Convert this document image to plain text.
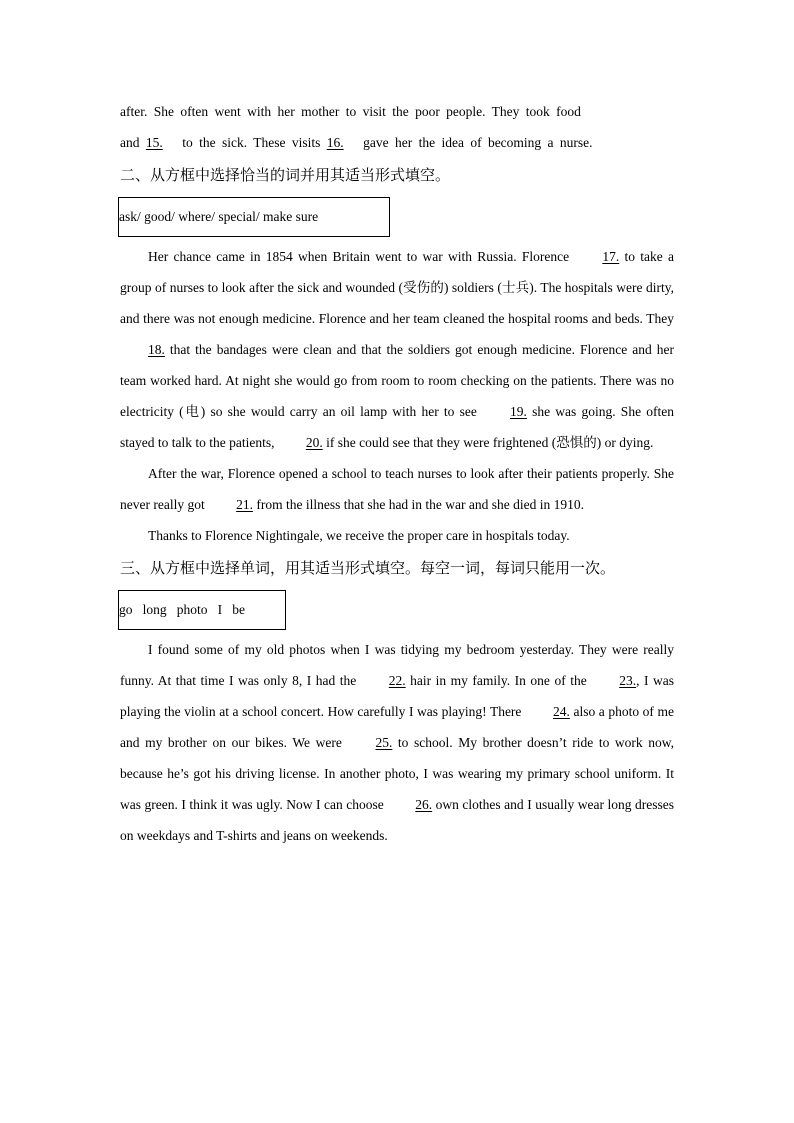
after. She often went with her mother to visit the poor people. They took food
and 15. to the sick. These visits 16. gave her the idea of becoming a nurse.

二、从方框中选择恰当的词并用其适当形式填空。
ask/ good/ where/ special/ make sure

Her chance came in 1854 when Britain went to war with Russia. Florence 17. to take a group of nurses to look after the sick and wounded (受伤的) soldiers (士兵). The hospitals were dirty, and there was not enough medicine. Florence and her team cleaned the hospital rooms and beds. They 18. that the bandages were clean and that the soldiers got enough medicine. Florence and her team worked hard. At night she would go from room to room checking on the patients. There was no electricity (电) so she would carry an oil lamp with her to see 19. she was going. She often stayed to talk to the patients, 20. if she could see that they were frightened (恐惧的) or dying.

After the war, Florence opened a school to teach nurses to look after their patients properly. She never really got 21. from the illness that she had in the war and she died in 1910.

Thanks to Florence Nightingale, we receive the proper care in hospitals today.

三、从方框中选择单词，用其适当形式填空。每空一词，每词只能用一次。
go   long   photo   I   be

I found some of my old photos when I was tidying my bedroom yesterday. They were really funny. At that time I was only 8, I had the 22. hair in my family. In one of the 23., I was playing the violin at a school concert. How carefully I was playing! There 24. also a photo of me and my brother on our bikes. We were 25. to school. My brother doesn’t ride to work now, because he’s got his driving license. In another photo, I was wearing my primary school uniform. It was green. I think it was ugly. Now I can choose 26. own clothes and I usually wear long dresses on weekdays and T-shirts and jeans on weekends.
